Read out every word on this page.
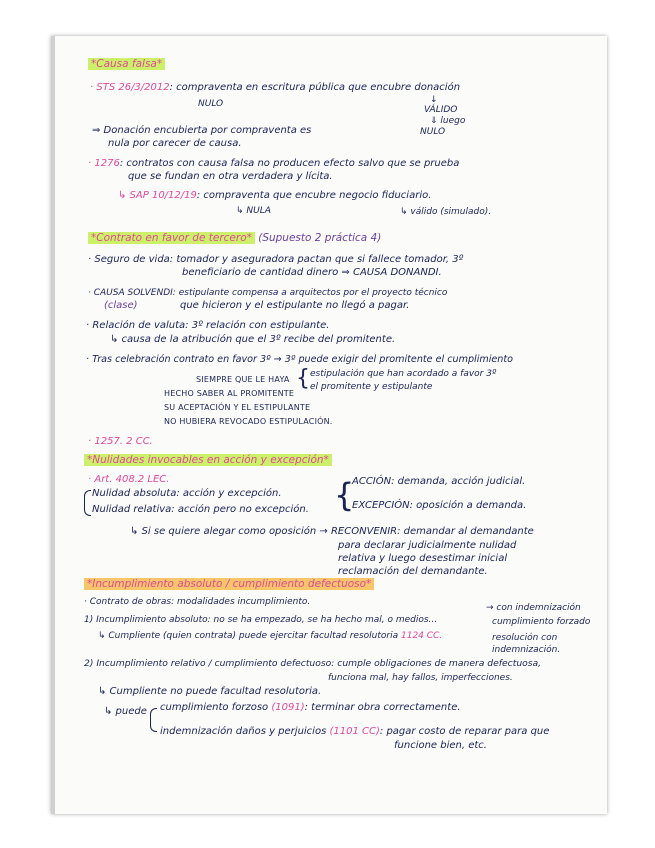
*Causa falsa*
· STS 26/3/2012: compraventa en escritura pública que encubre donación
NULO	↓
VÁLIDO
⇓ luego
NULO
⇒ Donación encubierta por compraventa es
nula por carecer de causa.
· 1276: contratos con causa falsa no producen efecto salvo que se prueba
que se fundan en otra verdadera y lícita.
↳ SAP 10/12/19: compraventa que encubre negocio fiduciario.
↳ NULA	↳ válido (simulado).
*Contrato en favor de tercero* (Supuesto 2 práctica 4)
· Seguro de vida: tomador y aseguradora pactan que si fallece tomador, 3º
beneficiario de cantidad dinero ⇒ CAUSA DONANDI.
· CAUSA SOLVENDI: estipulante compensa a arquitectos por el proyecto técnico
(clase)	que hicieron y el estipulante no llegó a pagar.
· Relación de valuta: 3º relación con estipulante.
↳ causa de la atribución que el 3º recibe del promitente.
· Tras celebración contrato en favor 3º → 3º puede exigir del promitente el cumplimiento
estipulación que han acordado a favor 3º
el promitente y estipulante
{
SIEMPRE QUE LE HAYA
HECHO SABER AL PROMITENTE
SU ACEPTACIÓN Y EL ESTIPULANTE
NO HUBIERA REVOCADO ESTIPULACIÓN.
· 1257. 2 CC.
*Nulidades invocables en acción y excepción*
· Art. 408.2 LEC.
Nulidad absoluta: acción y excepción.
Nulidad relativa: acción pero no excepción. {
ACCIÓN: demanda, acción judicial.
EXCEPCIÓN: oposición a demanda.
↳ Si se quiere alegar como oposición → RECONVENIR: demandar al demandante
para declarar judicialmente nulidad
relativa y luego desestimar inicial
reclamación del demandante.
*Incumplimiento absoluto / cumplimiento defectuoso*
· Contrato de obras: modalidades incumplimiento.
1) Incumplimiento absoluto: no se ha empezado, se ha hecho mal, o medios...
↳ Cumpliente (quien contrata) puede ejercitar facultad resolutoria 1124 CC.
→ con indemnización
cumplimiento forzado
resolución con
indemnización.
2) Incumplimiento relativo / cumplimiento defectuoso: cumple obligaciones de manera defectuosa,
funciona mal, hay fallos, imperfecciones.
↳ Cumpliente no puede facultad resolutoria.
↳ puede cumplimiento forzoso (1091): terminar obra correctamente.
indemnización daños y perjuicios (1101 CC): pagar costo de reparar para que
funcione bien, etc.
